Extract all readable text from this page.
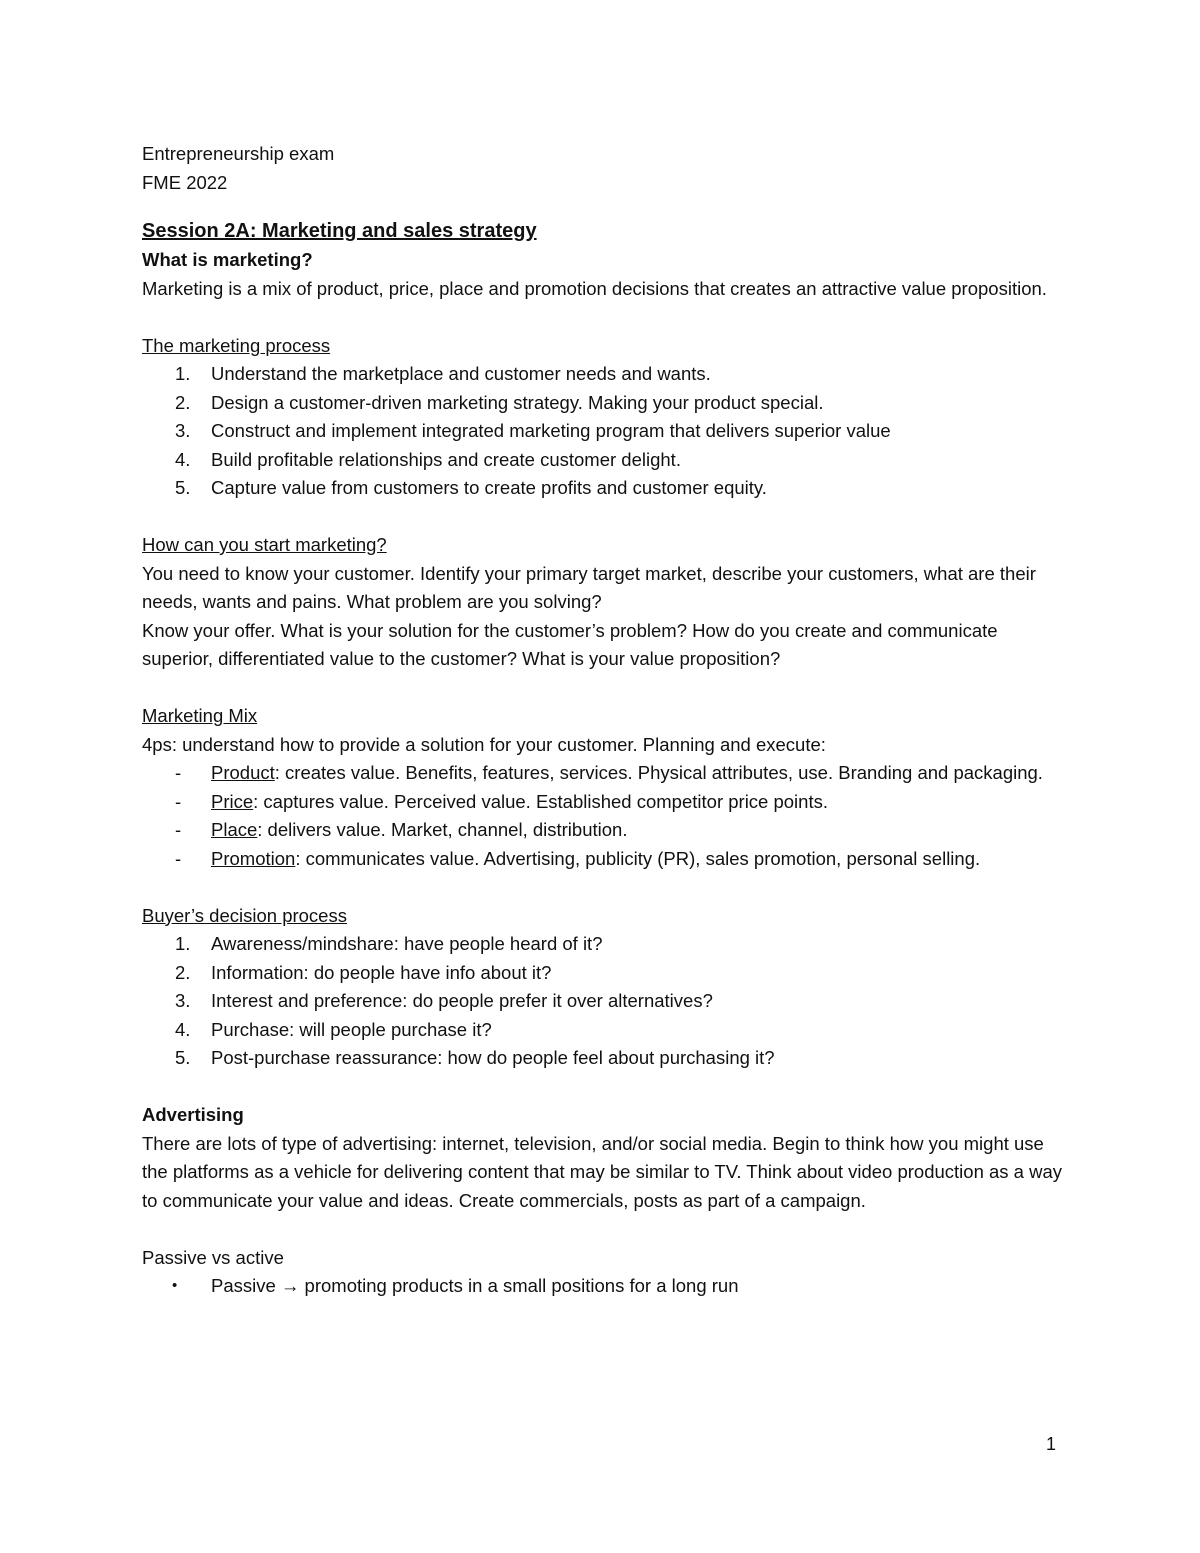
Entrepreneurship exam
FME 2022
Session 2A: Marketing and sales strategy
What is marketing?
Marketing is a mix of product, price, place and promotion decisions that creates an attractive value proposition.
The marketing process
1.	Understand the marketplace and customer needs and wants.
2.	Design a customer-driven marketing strategy. Making your product special.
3.	Construct and implement integrated marketing program that delivers superior value
4.	Build profitable relationships and create customer delight.
5.	Capture value from customers to create profits and customer equity.
How can you start marketing?
You need to know your customer. Identify your primary target market, describe your customers, what are their needs, wants and pains. What problem are you solving?
Know your offer. What is your solution for the customer’s problem? How do you create and communicate superior, differentiated value to the customer? What is your value proposition?
Marketing Mix
4ps: understand how to provide a solution for your customer. Planning and execute:
- Product: creates value. Benefits, features, services. Physical attributes, use. Branding and packaging.
- Price: captures value. Perceived value. Established competitor price points.
- Place: delivers value. Market, channel, distribution.
- Promotion: communicates value. Advertising, publicity (PR), sales promotion, personal selling.
Buyer’s decision process
1.	Awareness/mindshare: have people heard of it?
2.	Information: do people have info about it?
3.	Interest and preference: do people prefer it over alternatives?
4.	Purchase: will people purchase it?
5.	Post-purchase reassurance: how do people feel about purchasing it?
Advertising
There are lots of type of advertising: internet, television, and/or social media. Begin to think how you might use the platforms as a vehicle for delivering content that may be similar to TV. Think about video production as a way to communicate your value and ideas. Create commercials, posts as part of a campaign.
Passive vs active
• Passive → promoting products in a small positions for a long run
1
